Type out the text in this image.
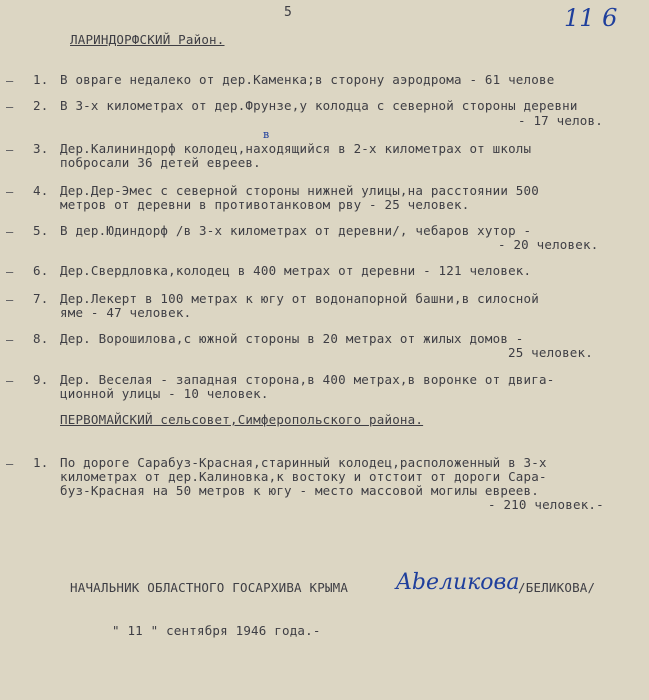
5	11 6
ЛАРИНДОРФСКИЙ Район.
– 1. В овраге недалеко от дер.Каменка;в сторону аэродрома - 61 челове
– 2. В 3-х километрах от дер.Фрунзе,у колодца с северной стороны деревни
- 17 челов.
в
– 3. Дер.Калининдорф колодец,находящийся в 2-х километрах от школы
побросали 36 детей евреев.
– 4. Дер.Дер-Эмес с северной стороны нижней улицы,на расстоянии 500
метров от деревни в противотанковом рву - 25 человек.
– 5. В дер.Юдиндорф /в 3-х километрах от деревни/, чебаров хутор -
- 20 человек.
– 6. Дер.Свердловка,колодец в 400 метрах от деревни - 121 человек.
– 7. Дер.Лекерт в 100 метрах к югу от водонапорной башни,в силосной
яме - 47 человек.
– 8. Дер. Ворошилова,с южной стороны в 20 метрах от жилых домов -
25 человек.
– 9. Дер. Веселая - западная сторона,в 400 метрах,в воронке от двига-
ционной улицы - 10 человек.
ПЕРВОМАЙСКИЙ сельсовет,Симферопольского района.
– 1. По дороге Сарабуз-Красная,старинный колодец,расположенный в 3-х
километрах от дер.Калиновка,к востоку и отстоит от дороги Сара-
буз-Красная на 50 метров к югу - место массовой могилы евреев.
- 210 человек.-
НАЧАЛЬНИК ОБЛАСТНОГО ГОСАРХИВА КРЫМА Abeликова
/БЕЛИКОВА/
" 11 " сентября 1946 года.-
